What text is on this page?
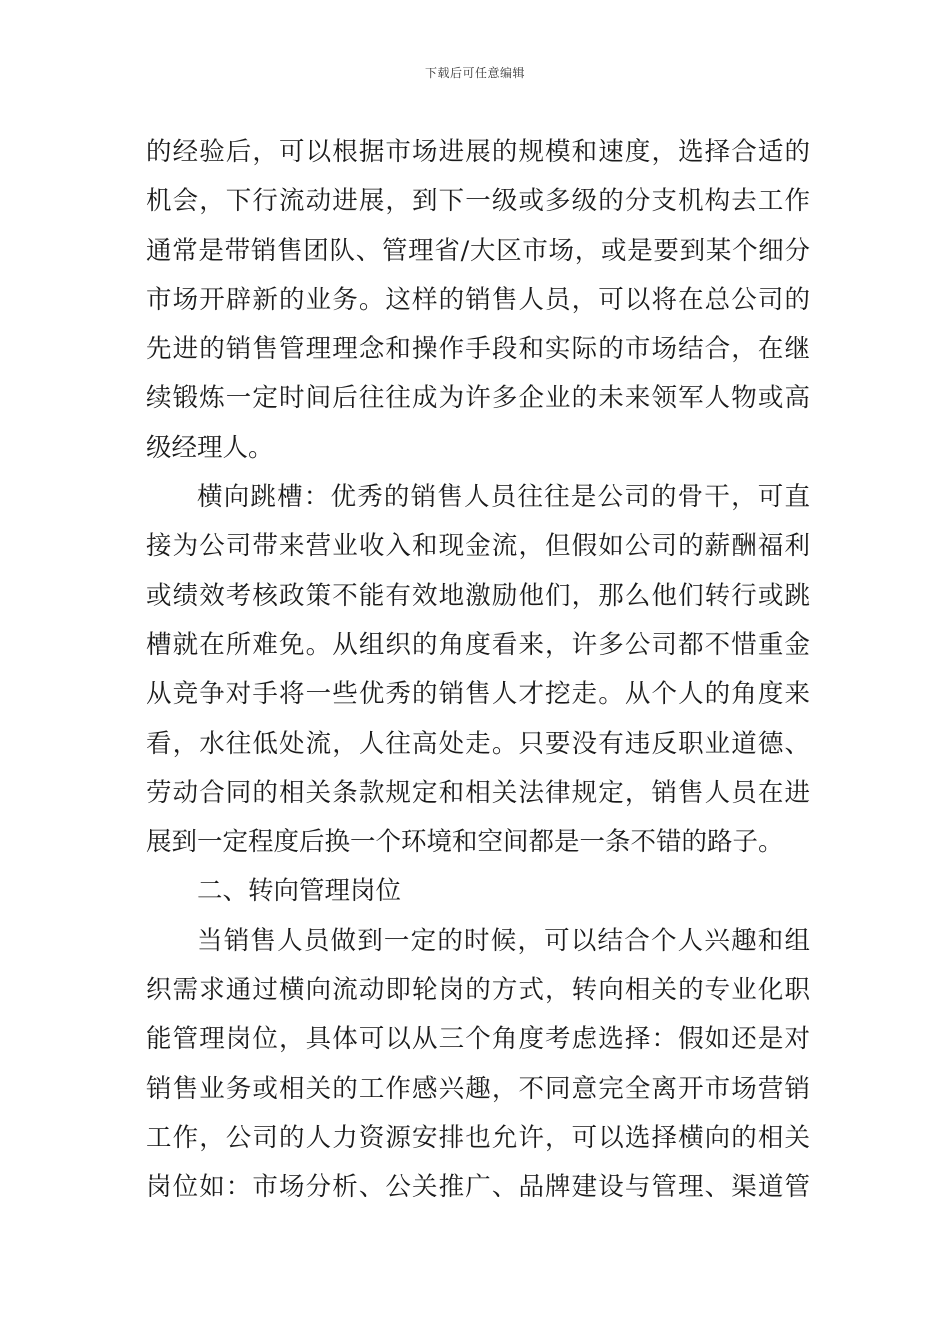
下载后可任意编辑
的经验后，可以根据市场进展的规模和速度，选择合适的
机会，下行流动进展，到下一级或多级的分支机构去工作
通常是带销售团队、管理省/大区市场，或是要到某个细分
市场开辟新的业务。这样的销售人员，可以将在总公司的
先进的销售管理理念和操作手段和实际的市场结合，在继
续锻炼一定时间后往往成为许多企业的未来领军人物或高
级经理人。
横向跳槽：优秀的销售人员往往是公司的骨干，可直
接为公司带来营业收入和现金流，但假如公司的薪酬福利
或绩效考核政策不能有效地激励他们，那么他们转行或跳
槽就在所难免。从组织的角度看来，许多公司都不惜重金
从竞争对手将一些优秀的销售人才挖走。从个人的角度来
看，水往低处流，人往高处走。只要没有违反职业道德、
劳动合同的相关条款规定和相关法律规定，销售人员在进
展到一定程度后换一个环境和空间都是一条不错的路子。
二、转向管理岗位
当销售人员做到一定的时候，可以结合个人兴趣和组
织需求通过横向流动即轮岗的方式，转向相关的专业化职
能管理岗位，具体可以从三个角度考虑选择：假如还是对
销售业务或相关的工作感兴趣，不同意完全离开市场营销
工作，公司的人力资源安排也允许，可以选择横向的相关
岗位如：市场分析、公关推广、品牌建设与管理、渠道管
